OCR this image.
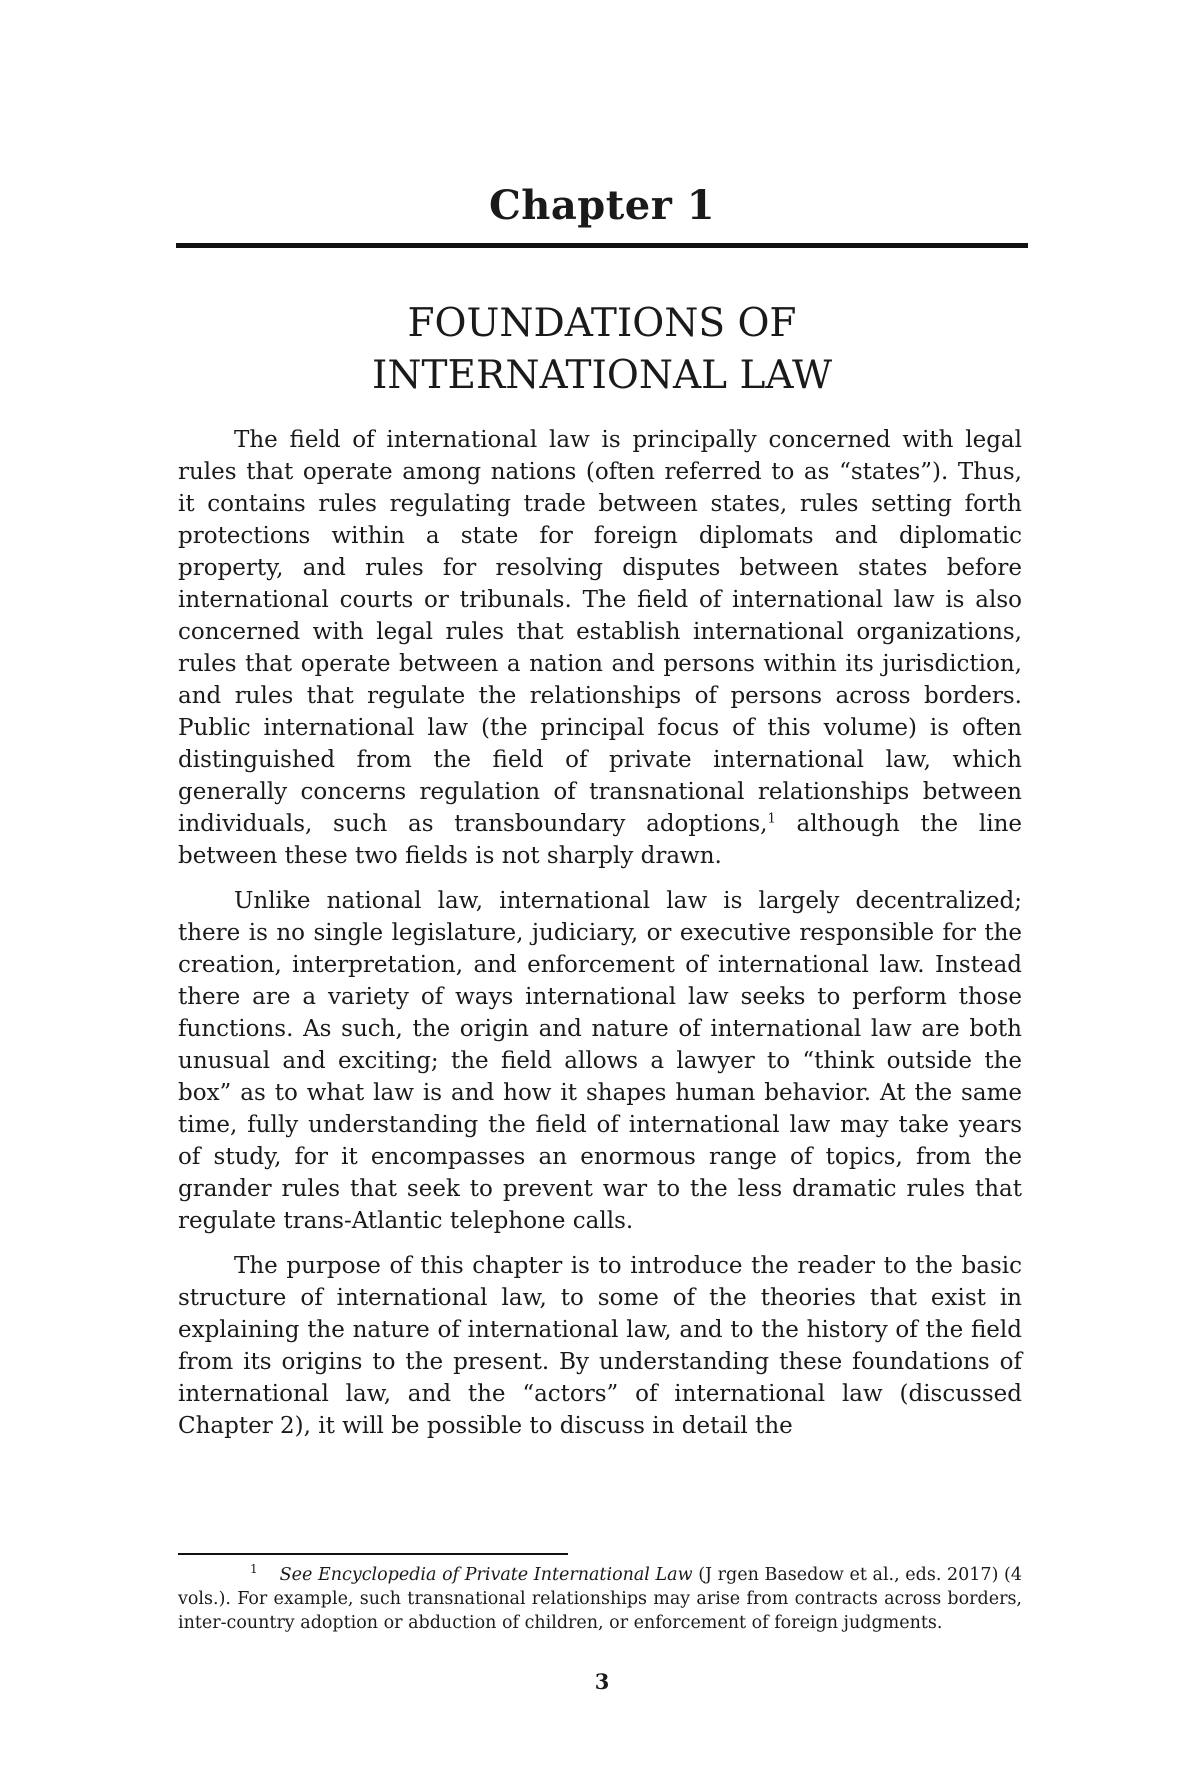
Chapter 1
FOUNDATIONS OF
INTERNATIONAL LAW

The field of international law is principally concerned with legal rules that operate among nations (often referred to as “states”). Thus, it contains rules regulating trade between states, rules setting forth protections within a state for foreign diplomats and diplomatic property, and rules for resolving disputes between states before international courts or tribunals. The field of international law is also concerned with legal rules that establish international organizations, rules that operate between a nation and persons within its jurisdiction, and rules that regulate the relationships of persons across borders. Public international law (the principal focus of this volume) is often distinguished from the field of private international law, which generally concerns regulation of transnational relationships between individuals, such as transboundary adoptions,$^1$ although the line between these two fields is not sharply drawn.

Unlike national law, international law is largely decentralized; there is no single legislature, judiciary, or executive responsible for the creation, interpretation, and enforcement of international law. Instead there are a variety of ways international law seeks to perform those functions. As such, the origin and nature of international law are both unusual and exciting; the field allows a lawyer to “think outside the box” as to what law is and how it shapes human behavior. At the same time, fully understanding the field of international law may take years of study, for it encompasses an enormous range of topics, from the grander rules that seek to prevent war to the less dramatic rules that regulate trans-Atlantic telephone calls.

The purpose of this chapter is to introduce the reader to the basic structure of international law, to some of the theories that exist in explaining the nature of international law, and to the history of the field from its origins to the present. By understanding these foundations of international law, and the “actors” of international law (discussed Chapter 2), it will be possible to discuss in detail the

$^1$ See Encyclopedia of Private International Law (J rgen Basedow et al., eds. 2017) (4 vols.). For example, such transnational relationships may arise from contracts across borders, inter-country adoption or abduction of children, or enforcement of foreign judgments.
3
